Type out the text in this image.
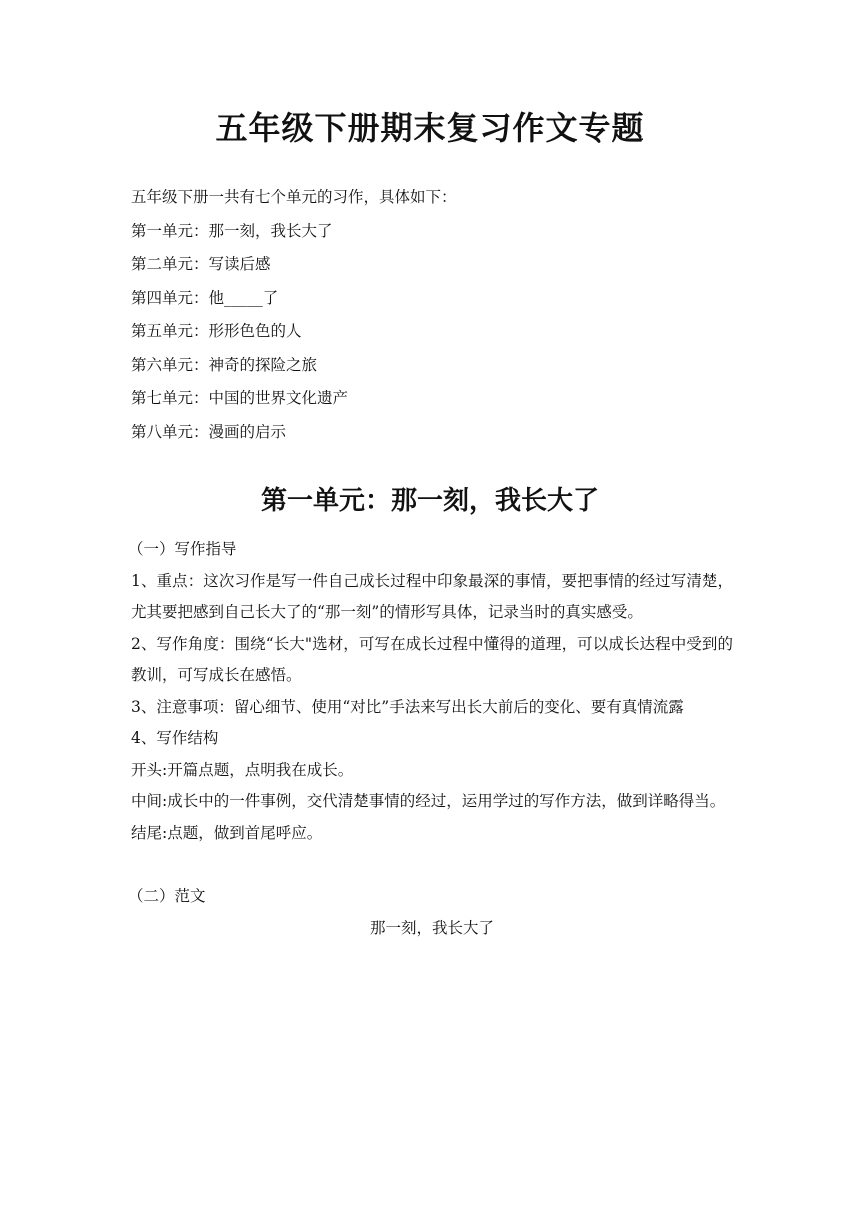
五年级下册期末复习作文专题

五年级下册一共有七个单元的习作，具体如下：

第一单元：那一刻，我长大了

第二单元：写读后感

第四单元：他_____了

第五单元：形形色色的人

第六单元：神奇的探险之旅

第七单元：中国的世界文化遗产

第八单元：漫画的启示

第一单元：那一刻，我长大了

（一）写作指导

1、重点：这次习作是写一件自己成长过程中印象最深的事情，要把事情的经过写清楚，尤其要把感到自己长大了的“那一刻”的情形写具体，记录当时的真实感受。

2、写作角度：围绕“长大"选材，可写在成长过程中懂得的道理，可以成长达程中受到的教训，可写成长在感悟。

3、注意事项：留心细节、使用“对比”手法来写出长大前后的变化、要有真情流露

4、写作结构

开头:开篇点题，点明我在成长。

中间:成长中的一件事例，交代清楚事情的经过，运用学过的写作方法，做到详略得当。

结尾:点题，做到首尾呼应。

（二）范文

那一刻，我长大了
